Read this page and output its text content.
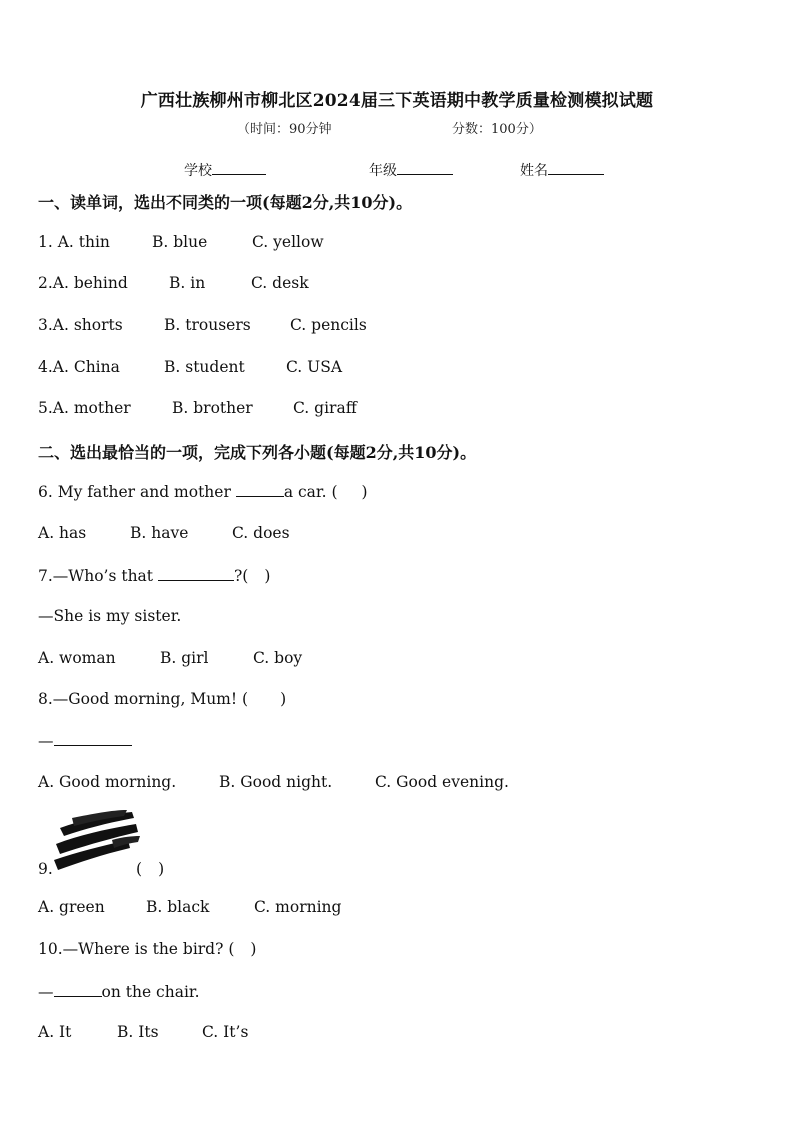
广西壮族柳州市柳北区2024届三下英语期中教学质量检测模拟试题
（时间：90分钟	分数：100分）
学校	年级	姓名
一、读单词，选出不同类的一项(每题2分,共10分)。
1. A. thin	B. blue	C. yellow
2.A. behind	B. in	C. desk
3.A. shorts	B. trousers	C. pencils
4.A. China	B. student	C. USA
5.A. mother	B. brother	C. giraff
二、选出最恰当的一项，完成下列各小题(每题2分,共10分)。
6. My father and mother	a car. ( )
A. has	B. have	C. does
7.—Who’s that	?( )
—She is my sister.
A. woman	B. girl	C. boy
8.—Good morning, Mum! ( )
—
A. Good morning.	B. Good night.	C. Good evening.
9.	( )
A. green	B. black	C. morning
10.—Where is the bird? ( )
—	on the chair.
A. It	B. Its	C. It’s
